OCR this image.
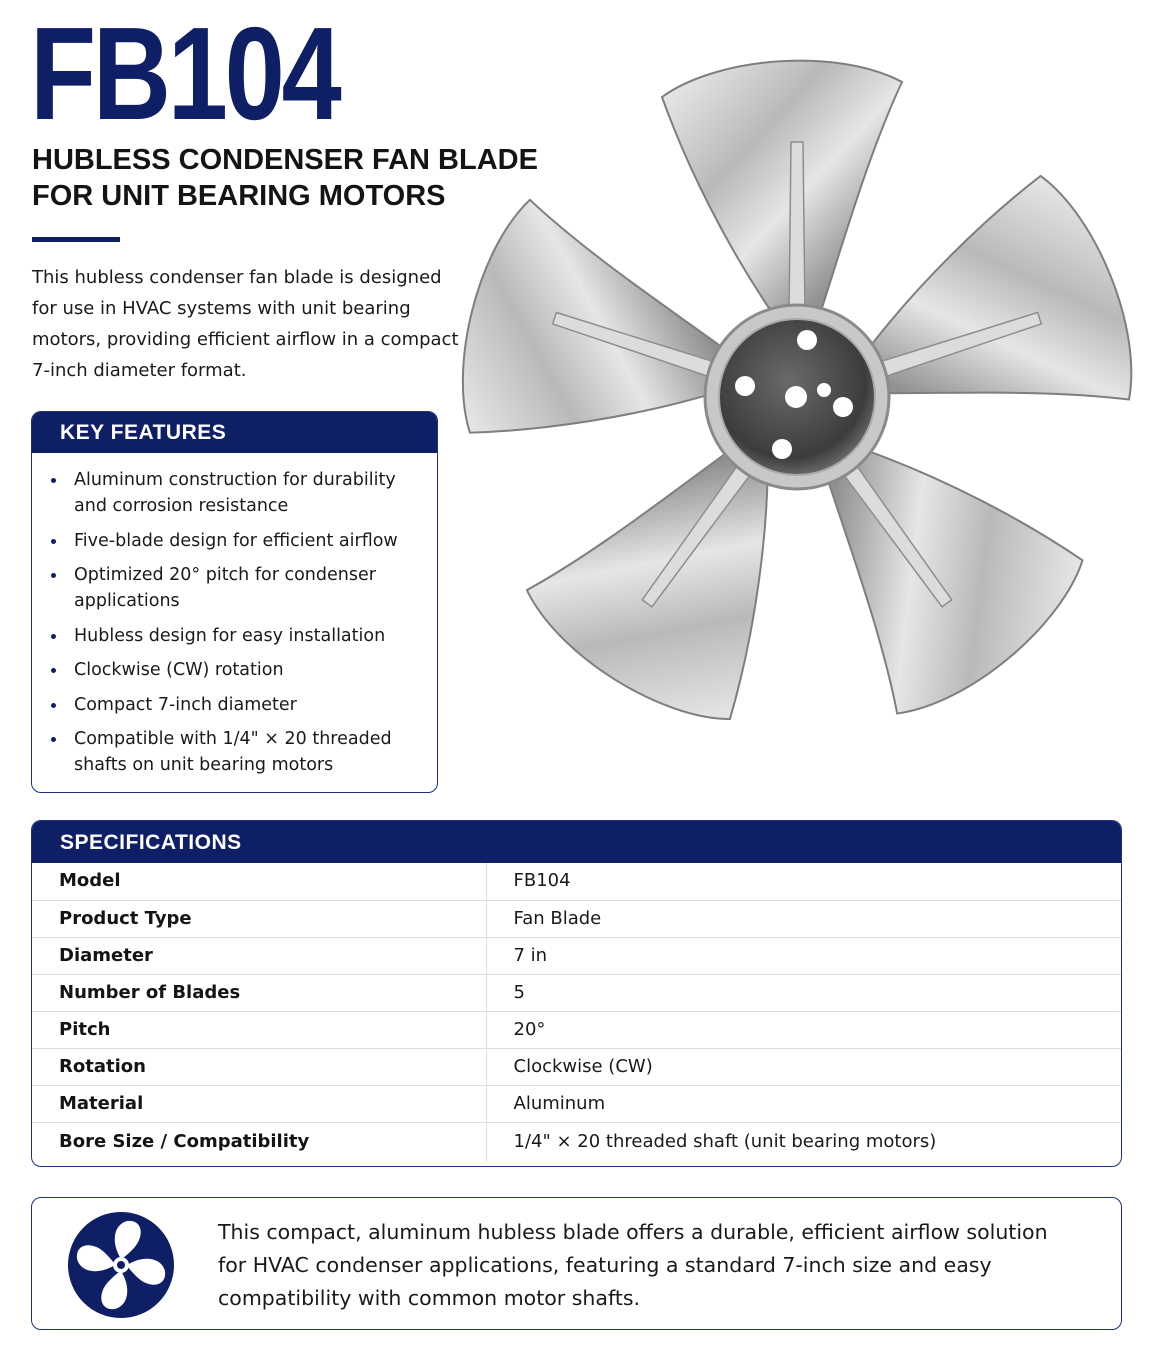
FB104
HUBLESS CONDENSER FAN BLADE
FOR UNIT BEARING MOTORS

This hubless condenser fan blade is designed for use in HVAC systems with unit bearing motors, providing efficient airflow in a compact 7-inch diameter format.

KEY FEATURES
Aluminum construction for durability and corrosion resistance
Five-blade design for efficient airflow
Optimized 20° pitch for condenser applications
Hubless design for easy installation
Clockwise (CW) rotation
Compact 7-inch diameter
Compatible with 1/4" × 20 threaded shafts on unit bearing motors
SPECIFICATIONS
Model	FB104
Product Type	Fan Blade
Diameter	7 in
Number of Blades	5
Pitch	20°
Rotation	Clockwise (CW)
Material	Aluminum
Bore Size / Compatibility	1/4" × 20 threaded shaft (unit bearing motors)

This compact, aluminum hubless blade offers a durable, efficient airflow solution for HVAC condenser applications, featuring a standard 7-inch size and easy compatibility with common motor shafts.
